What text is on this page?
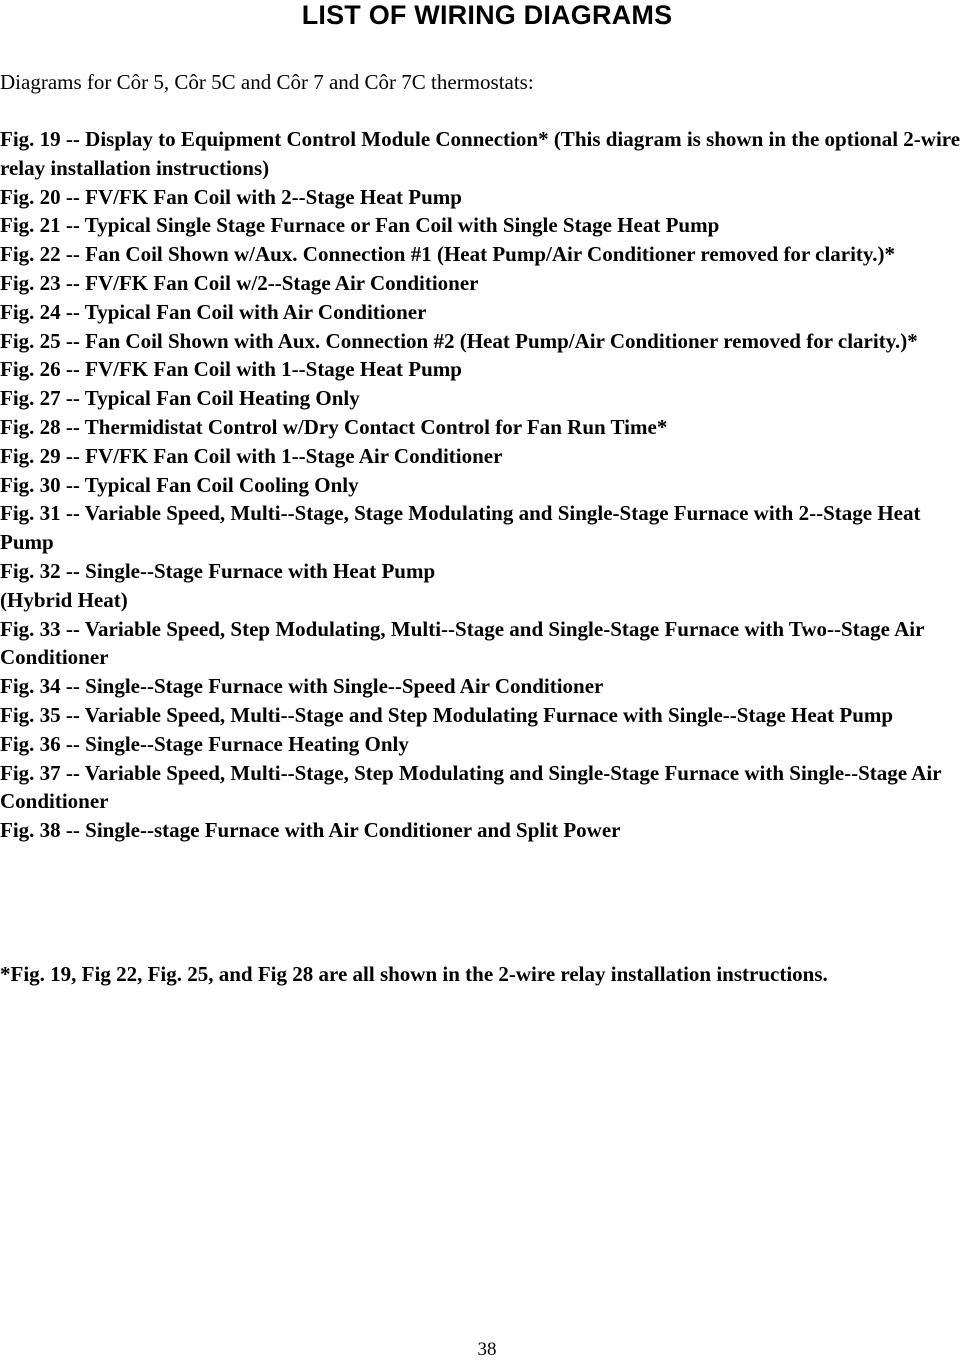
LIST OF WIRING DIAGRAMS
Diagrams for Côr 5, Côr 5C and Côr 7 and Côr 7C thermostats:
Fig. 19 -- Display to Equipment Control Module Connection* (This diagram is shown in the optional 2-wire relay installation instructions)
Fig. 20 -- FV/FK Fan Coil with 2--Stage Heat Pump
Fig. 21 -- Typical Single Stage Furnace or Fan Coil with Single Stage Heat Pump
Fig. 22 -- Fan Coil Shown w/Aux. Connection #1 (Heat Pump/Air Conditioner removed for clarity.)*
Fig. 23 -- FV/FK Fan Coil w/2--Stage Air Conditioner
Fig. 24 -- Typical Fan Coil with Air Conditioner
Fig. 25 -- Fan Coil Shown with Aux. Connection #2 (Heat Pump/Air Conditioner removed for clarity.)*
Fig. 26 -- FV/FK Fan Coil with 1--Stage Heat Pump
Fig. 27 -- Typical Fan Coil Heating Only
Fig. 28 -- Thermidistat Control w/Dry Contact Control for Fan Run Time*
Fig. 29 -- FV/FK Fan Coil with 1--Stage Air Conditioner
Fig. 30 -- Typical Fan Coil Cooling Only
Fig. 31 -- Variable Speed, Multi--Stage, Stage Modulating and Single-Stage Furnace with 2--Stage Heat Pump
Fig. 32 -- Single--Stage Furnace with Heat Pump
(Hybrid Heat)
Fig. 33 -- Variable Speed, Step Modulating, Multi--Stage and Single-Stage Furnace with Two--Stage Air Conditioner
Fig. 34 -- Single--Stage Furnace with Single--Speed Air Conditioner
Fig. 35 -- Variable Speed, Multi--Stage and Step Modulating Furnace with Single--Stage Heat Pump
Fig. 36 -- Single--Stage Furnace Heating Only
Fig. 37 -- Variable Speed, Multi--Stage, Step Modulating and Single-Stage Furnace with Single--Stage Air Conditioner
Fig. 38 -- Single--stage Furnace with Air Conditioner and Split Power
*Fig. 19, Fig 22, Fig. 25, and Fig 28 are all shown in the 2-wire relay installation instructions.
38
